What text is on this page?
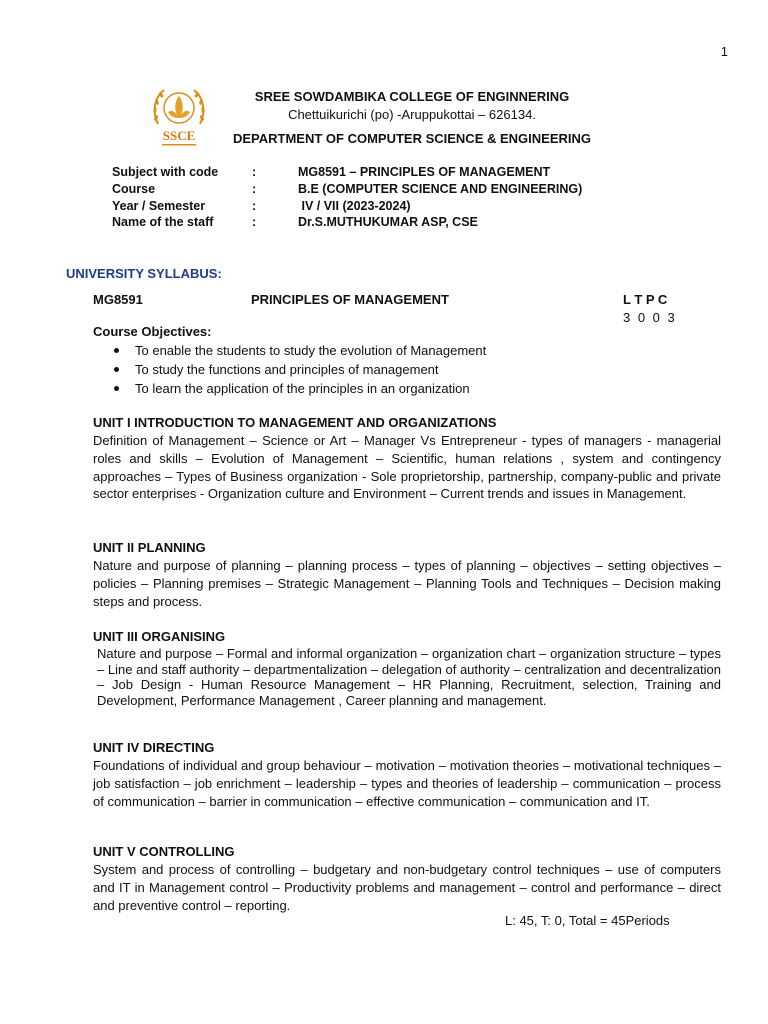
1
SSCE
SREE SOWDAMBIKA COLLEGE OF ENGINNERING
Chettuikurichi (po) -Aruppukottai – 626134.
DEPARTMENT OF COMPUTER SCIENCE & ENGINEERING
Subject with code	:	MG8591 – PRINCIPLES OF MANAGEMENT
Course	:	B.E (COMPUTER SCIENCE AND ENGINEERING)
Year / Semester	:	IV / VII (2023-2024)
Name of the staff	:	Dr.S.MUTHUKUMAR ASP, CSE
UNIVERSITY SYLLABUS:
MG8591	PRINCIPLES OF MANAGEMENT	L T P C
3 0 0 3
Course Objectives:
To enable the students to study the evolution of Management
To study the functions and principles of management
To learn the application of the principles in an organization
UNIT I INTRODUCTION TO MANAGEMENT AND ORGANIZATIONS
Definition of Management – Science or Art – Manager Vs Entrepreneur - types of managers - managerial roles and skills – Evolution of Management – Scientific, human relations , system and contingency approaches – Types of Business organization - Sole proprietorship, partnership, company-public and private sector enterprises - Organization culture and Environment – Current trends and issues in Management.
UNIT II PLANNING
Nature and purpose of planning – planning process – types of planning – objectives – setting objectives – policies – Planning premises – Strategic Management – Planning Tools and Techniques – Decision making steps and process.
UNIT III ORGANISING
Nature and purpose – Formal and informal organization – organization chart – organization structure – types – Line and staff authority – departmentalization – delegation of authority – centralization and decentralization – Job Design - Human Resource Management – HR Planning, Recruitment, selection, Training and Development, Performance Management , Career planning and management.
UNIT IV DIRECTING
Foundations of individual and group behaviour – motivation – motivation theories – motivational techniques – job satisfaction – job enrichment – leadership – types and theories of leadership – communication – process of communication – barrier in communication – effective communication – communication and IT.
UNIT V CONTROLLING
System and process of controlling – budgetary and non-budgetary control techniques – use of computers and IT in Management control – Productivity problems and management – control and performance – direct and preventive control – reporting.
L: 45, T: 0, Total = 45Periods
